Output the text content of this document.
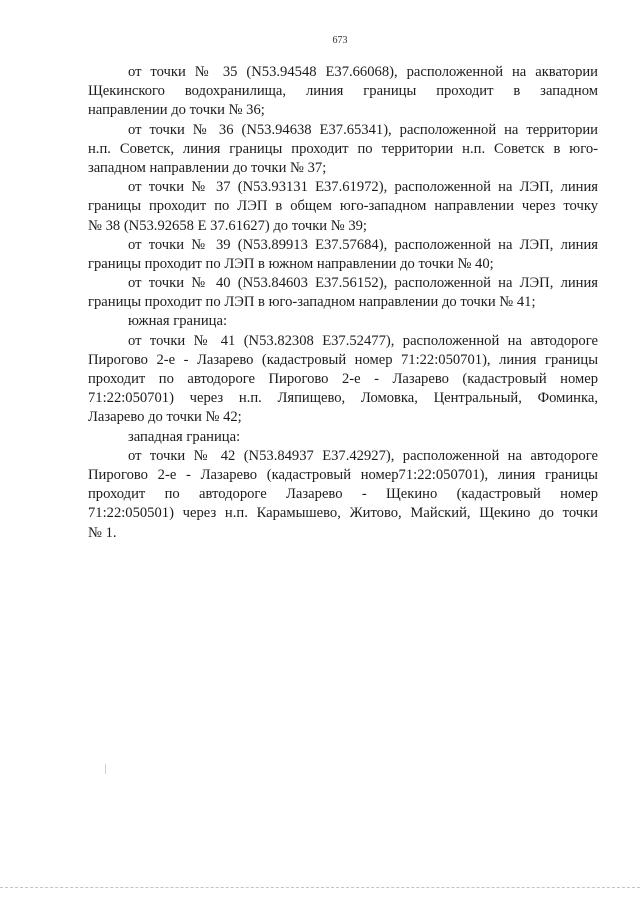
673
от точки № 35 (N53.94548 E37.66068), расположенной на акватории
Щекинского водохранилища, линия границы проходит в западном
направлении до точки № 36;
от точки № 36 (N53.94638 E37.65341), расположенной на территории
н.п. Советск, линия границы проходит по территории н.п. Советск в юго-
западном направлении до точки № 37;
от точки № 37 (N53.93131 E37.61972), расположенной на ЛЭП, линия
границы проходит по ЛЭП в общем юго-западном направлении через точку
№ 38 (N53.92658 E 37.61627) до точки № 39;
от точки № 39 (N53.89913 E37.57684), расположенной на ЛЭП, линия
границы проходит по ЛЭП в южном направлении до точки № 40;
от точки № 40 (N53.84603 E37.56152), расположенной на ЛЭП, линия
границы проходит по ЛЭП в юго-западном направлении до точки № 41;
южная граница:
от точки № 41 (N53.82308 E37.52477), расположенной на автодороге
Пирогово 2-е - Лазарево (кадастровый номер 71:22:050701), линия границы
проходит по автодороге Пирогово 2-е - Лазарево (кадастровый номер
71:22:050701) через н.п. Ляпищево, Ломовка, Центральный, Фоминка,
Лазарево до точки № 42;
западная граница:
от точки № 42 (N53.84937 E37.42927), расположенной на автодороге
Пирогово 2-е - Лазарево (кадастровый номер71:22:050701), линия границы
проходит по автодороге Лазарево - Щекино (кадастровый номер
71:22:050501) через н.п. Карамышево, Житово, Майский, Щекино до точки
№ 1.
